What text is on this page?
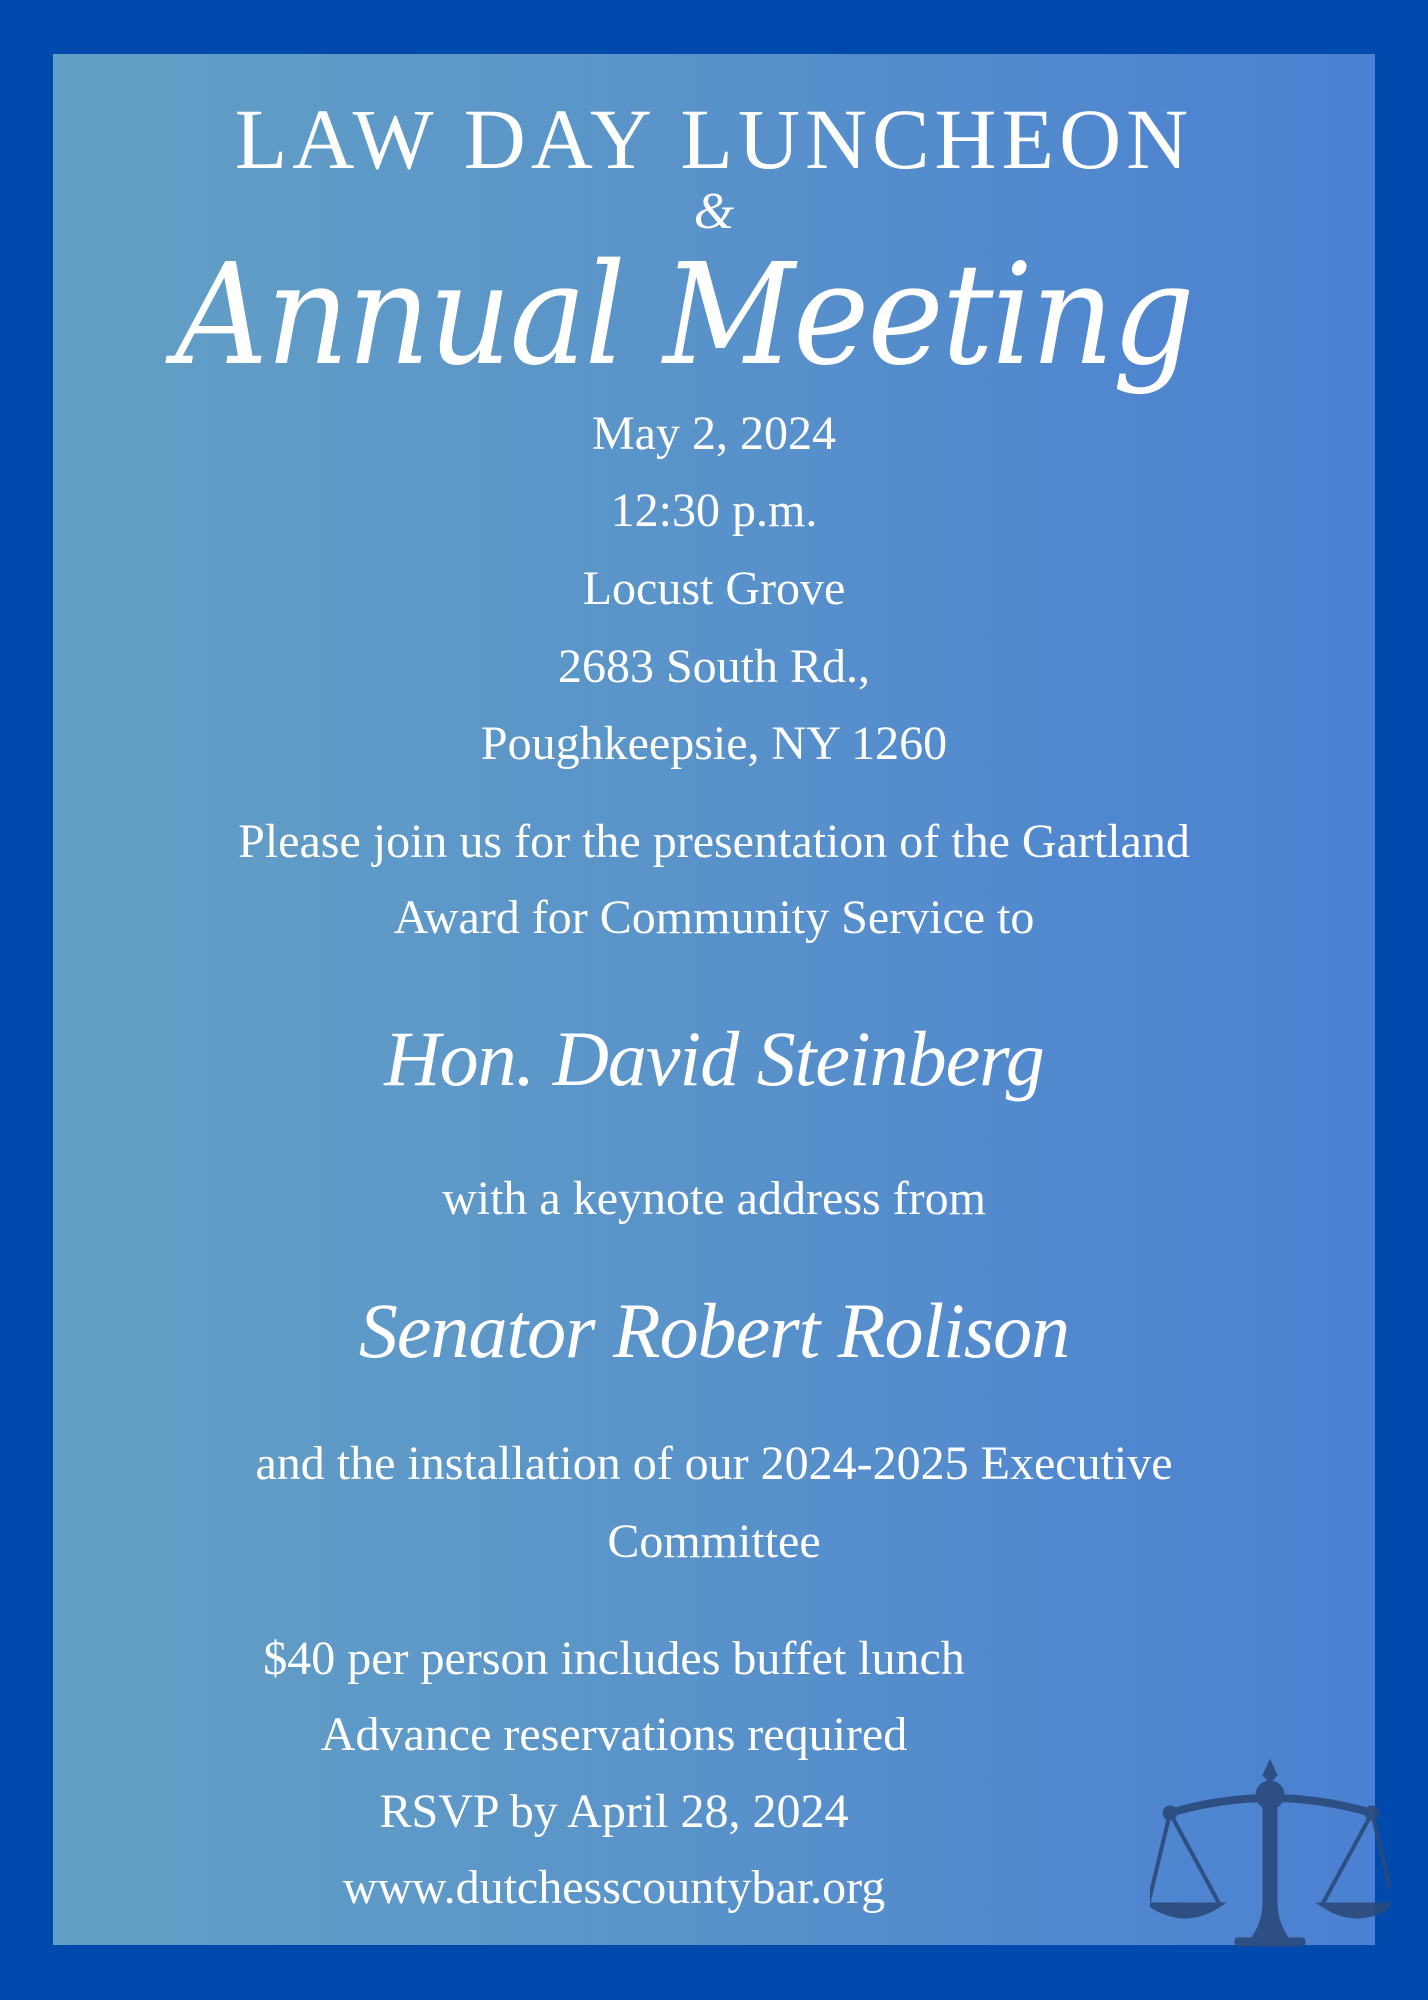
LAW DAY LUNCHEON
&
Annual Meeting
May 2, 2024
12:30 p.m.
Locust Grove
2683 South Rd.,
Poughkeepsie, NY 1260
Please join us for the presentation of the Gartland
Award for Community Service to
Hon. David Steinberg
with a keynote address from
Senator Robert Rolison
and the installation of our 2024-2025 Executive
Committee
$40 per person includes buffet lunch
Advance reservations required
RSVP by April 28, 2024
www.dutchesscountybar.org
